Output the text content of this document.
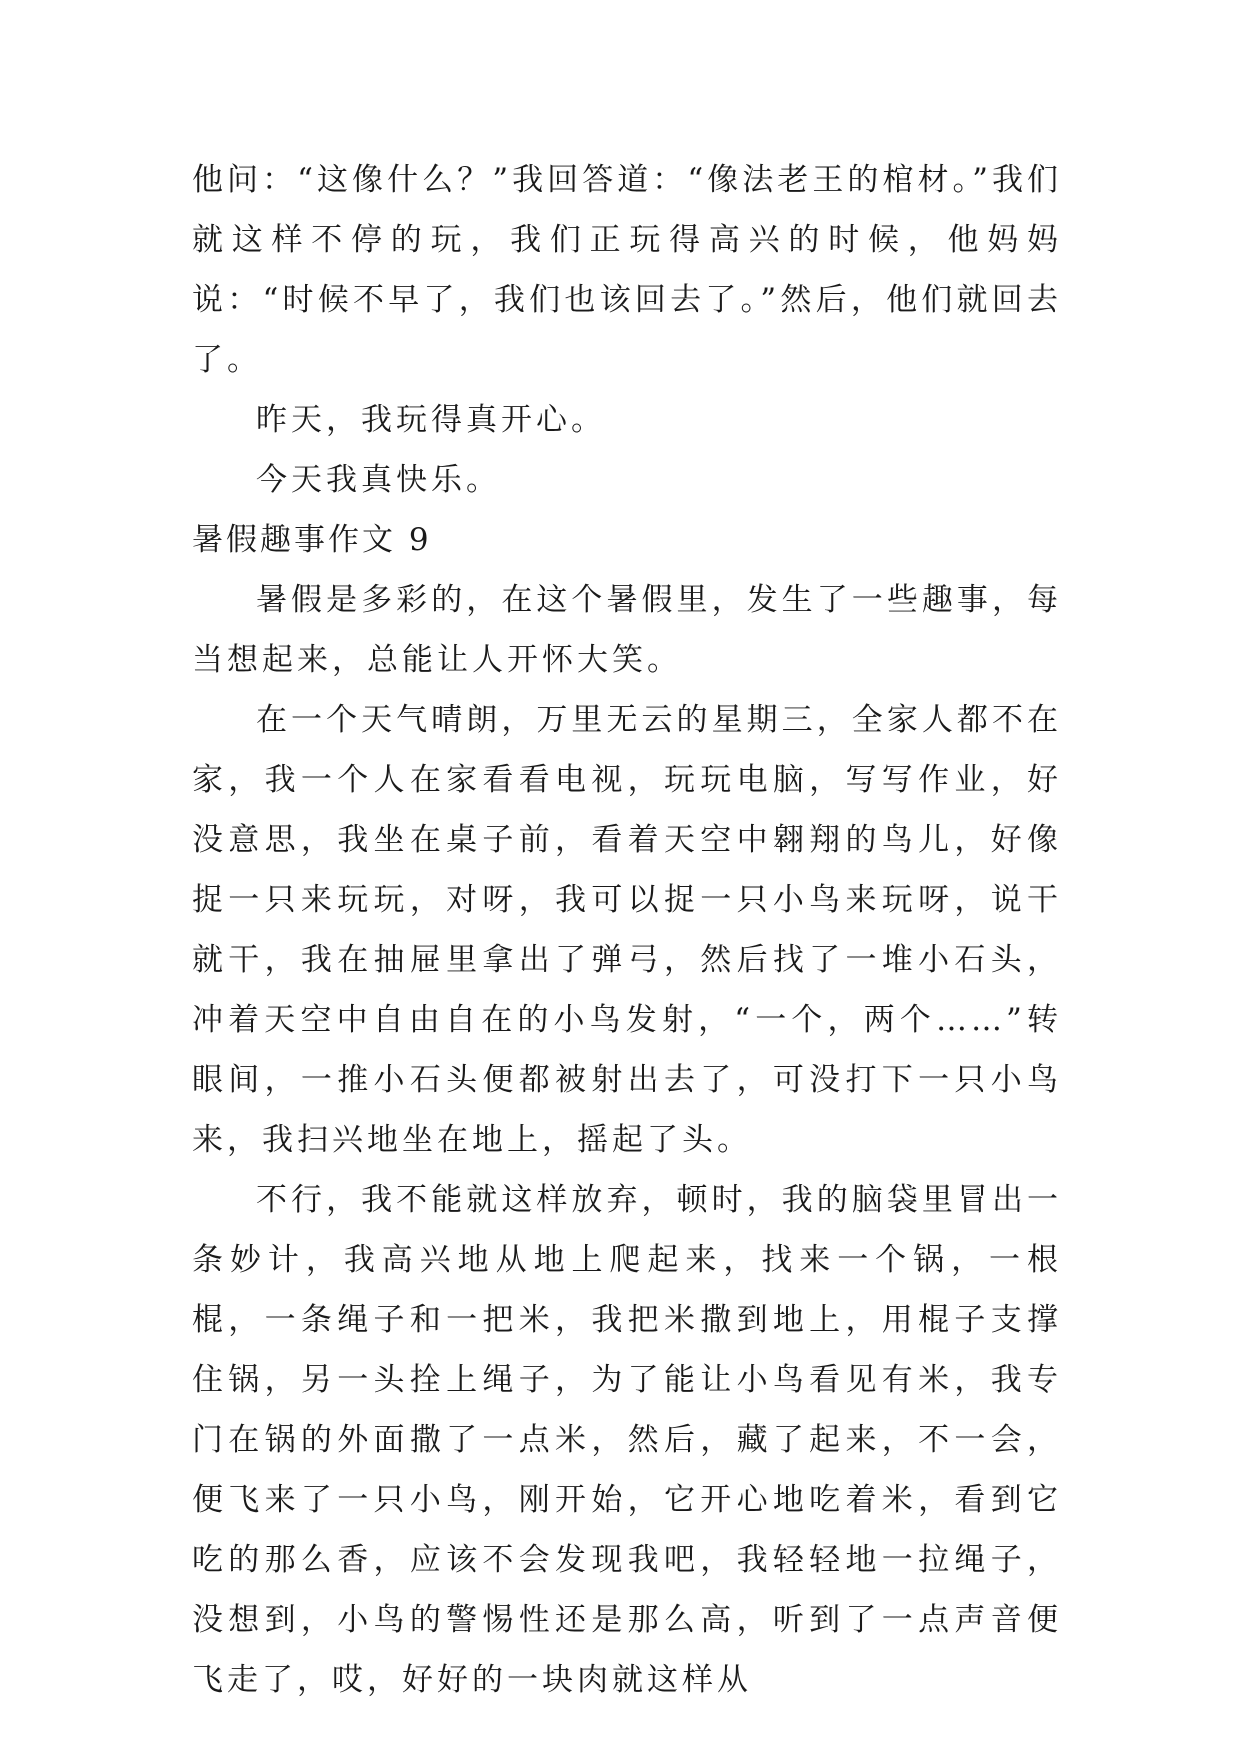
他问：“这像什么？”我回答道：“像法老王的棺材。”我们就这样不停的玩，我们正玩得高兴的时候，他妈妈说：“时候不早了，我们也该回去了。”然后，他们就回去了。

昨天，我玩得真开心。

今天我真快乐。

暑假趣事作文 9

暑假是多彩的，在这个暑假里，发生了一些趣事，每当想起来，总能让人开怀大笑。

在一个天气晴朗，万里无云的星期三，全家人都不在家，我一个人在家看看电视，玩玩电脑，写写作业，好没意思，我坐在桌子前，看着天空中翱翔的鸟儿，好像捉一只来玩玩，对呀，我可以捉一只小鸟来玩呀，说干就干，我在抽屉里拿出了弹弓，然后找了一堆小石头，冲着天空中自由自在的小鸟发射，“一个，两个……”转眼间，一推小石头便都被射出去了，可没打下一只小鸟来，我扫兴地坐在地上，摇起了头。

不行，我不能就这样放弃，顿时，我的脑袋里冒出一条妙计，我高兴地从地上爬起来，找来一个锅，一根棍，一条绳子和一把米，我把米撒到地上，用棍子支撑住锅，另一头拴上绳子，为了能让小鸟看见有米，我专门在锅的外面撒了一点米，然后，藏了起来，不一会，便飞来了一只小鸟，刚开始，它开心地吃着米，看到它吃的那么香，应该不会发现我吧，我轻轻地一拉绳子，没想到，小鸟的警惕性还是那么高，听到了一点声音便飞走了，哎，好好的一块肉就这样从
